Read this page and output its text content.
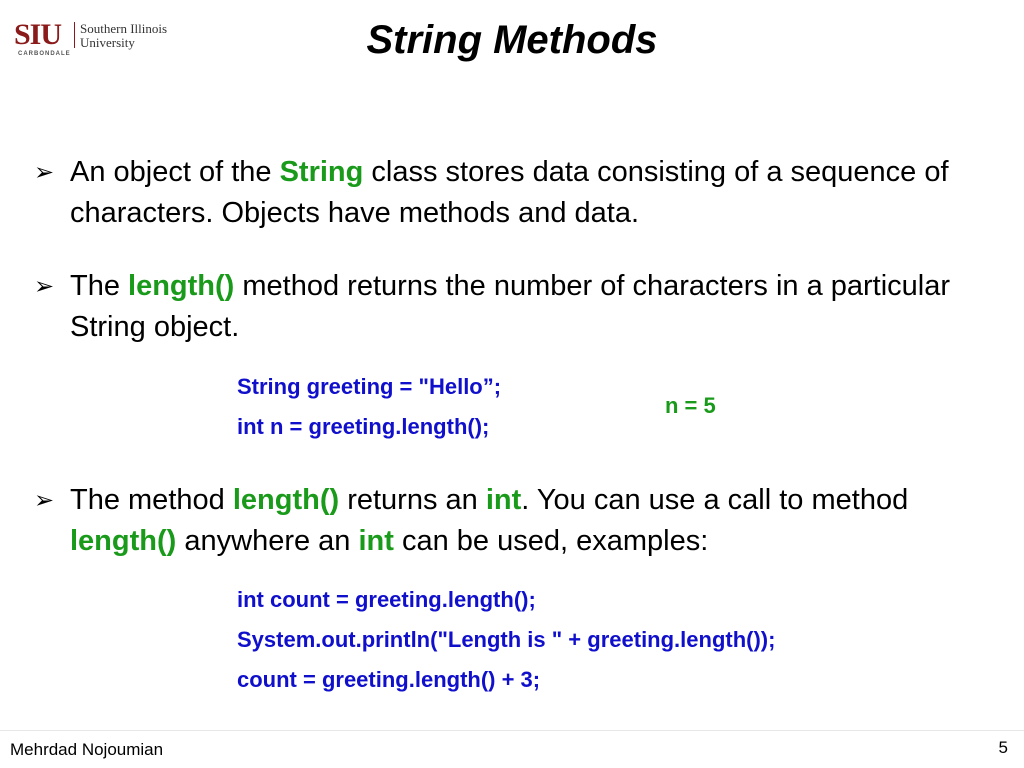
SIU Southern Illinois
University
CARBONDALE	String Methods
➢ An object of the String class stores data consisting of a sequence of characters. Objects have methods and data.
➢ The length() method returns the number of characters in a particular String object.
String greeting = "Hello”;
int n = greeting.length();
n = 5
➢ The method length() returns an int. You can use a call to method length() anywhere an int can be used, examples:
int count = greeting.length();
System.out.println("Length is " + greeting.length());
count = greeting.length() + 3;
Mehrdad Nojoumian	5
